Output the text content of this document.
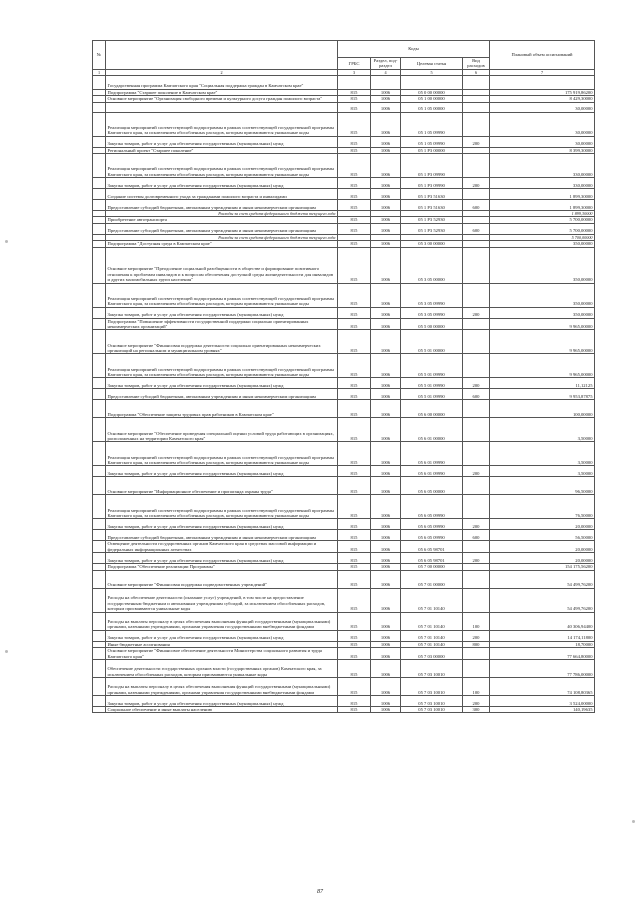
№		Коды				Плановый объем ассигнований
		ГРБС	Раздел, под-раздел	Целевая статья	Вид расходов	
1	2	3	4	5	6	7
	Государственная программа Камчатского края "Социальная поддержка граждан в Камчатском крае"					
	Подпрограмма "Старшее поколение в Камчатском крае"	815	1006	05 0 00 00000		175 919,86200
	Основное мероприятие "Организация свободного времени и культурного досуга граждан пожилого возраста"	815	1006	05 1 00 00000		8 429,30000
		815	1006	05 1 05 00000		30,00000
	Реализация мероприятий соответствующей подпрограммы в рамках соответствующей государственной программы Камчатского края, за исключением обособленных расходов, которым присваиваются уникальные коды	815	1006	05 1 05 09990		30,00000
	Закупка товаров, работ и услуг для обеспечения государственных (муниципальных) нужд	815	1006	05 1 05 09990	200	30,00000
	Региональный проект "Старшее поколение"	815	1006	05 1 P3 00000		8 399,30000
	Реализация мероприятий соответствующей подпрограммы в рамках соответствующей государственной программы Камчатского края, за исключением обособленных расходов, которым присваиваются уникальные коды	815	1006	05 1 P3 09990		330,00000
	Закупка товаров, работ и услуг для обеспечения государственных (муниципальных) нужд	815	1006	05 1 P3 09990	200	330,00000
	Создание системы долговременного ухода за гражданами пожилого возраста и инвалидами	815	1006	05 1 P3 51630		1 899,30000
	Предоставление субсидий бюджетным, автономным учреждениям и иным некоммерческим организациям	815	1006	05 1 P3 51630	600	1 899,30000
	Расходы за счет средств федерального бюджета текущего года					1 899,30000
	Приобретение автотранспорта	815	1006	05 1 P3 52930		5 700,00000
	Предоставление субсидий бюджетным, автономным учреждениям и иным некоммерческим организациям	815	1006	05 1 P3 52930	600	5 700,00000
	Расходы за счет средств федерального бюджета текущего года					5 700,00000
	Подпрограмма "Доступная среда в Камчатском крае"	815	1006	05 3 00 00000		350,00000
	Основное мероприятие "Преодоление социальной разобщенности в обществе и формирование позитивного отношения к проблемам инвалидов и к вопросам обеспечения доступной среды жизнедеятельности для инвалидов и других маломобильных групп населения"	815	1006	05 3 05 00000		350,00000
	Реализация мероприятий соответствующей подпрограммы в рамках соответствующей государственной программы Камчатского края, за исключением обособленных расходов, которым присваиваются уникальные коды	815	1006	05 3 05 09990		350,00000
	Закупка товаров, работ и услуг для обеспечения государственных (муниципальных) нужд	815	1006	05 3 05 09990	200	350,00000
	Подпрограмма "Повышение эффективности государственной поддержки социально ориентированных некоммерческих организаций"	815	1006	05 5 00 00000		9 965,00000
	Основное мероприятие "Финансовая поддержка деятельности социально ориентированных некоммерческих организаций на региональном и муниципальном уровнях"	815	1006	05 5 01 00000		9 965,00000
	Реализация мероприятий соответствующей подпрограммы в рамках соответствующей государственной программы Камчатского края, за исключением обособленных расходов, которым присваиваются уникальные коды	815	1006	05 5 01 09990		9 965,00000
	Закупка товаров, работ и услуг для обеспечения государственных (муниципальных) нужд	815	1006	05 5 01 09990	200	11,12125
	Предоставление субсидий бюджетным, автономным учреждениям и иным некоммерческим организациям	815	1006	05 5 01 09990	600	9 953,87875
	Подпрограмма "Обеспечение защиты трудовых прав работников в Камчатском крае"	815	1006	05 6 00 00000		100,00000
	Основное мероприятие "Обеспечение проведения специальной оценки условий труда работающих в организациях, расположенных на территории Камчатского края"	815	1006	05 6 01 00000		3,50000
	Реализация мероприятий соответствующей подпрограммы в рамках соответствующей государственной программы Камчатского края, за исключением обособленных расходов, которым присваиваются уникальные коды	815	1006	05 6 01 09990		3,50000
	Закупка товаров, работ и услуг для обеспечения государственных (муниципальных) нужд	815	1006	05 6 01 09990	200	3,50000
	Основное мероприятие "Информационное обеспечение и пропаганда охраны труда"	815	1006	05 6 05 00000		96,50000
	Реализация мероприятий соответствующей подпрограммы в рамках соответствующей государственной программы Камчатского края, за исключением обособленных расходов, которым присваиваются уникальные коды	815	1006	05 6 05 09990		76,50000
	Закупка товаров, работ и услуг для обеспечения государственных (муниципальных) нужд	815	1006	05 6 05 09990	200	20,00000
	Предоставление субсидий бюджетным, автономным учреждениям и иным некоммерческим организациям	815	1006	05 6 05 09990	600	56,50000
	Освещение деятельности государственных органов Камчатского края в средствах массовой информации и федеральных информационных агентствах	815	1006	05 6 05 98701		20,00000
	Закупка товаров, работ и услуг для обеспечения государственных (муниципальных) нужд	815	1006	05 6 05 98701	200	20,00000
	Подпрограмма "Обеспечение реализации Программы"	815	1006	05 7 00 00000		154 175,56200
	Основное мероприятие "Финансовая поддержка подведомственных учреждений"	815	1006	05 7 01 00000		54 499,76200
	Расходы на обеспечение деятельности (оказание услуг) учреждений, в том числе на предоставление государственным бюджетным и автономным учреждениям субсидий, за исключением обособленных расходов, которым присваиваются уникальные коды	815	1006	05 7 01 10140		54 499,76200
	Расходы на выплаты персоналу в целях обеспечения выполнения функций государственными (муниципальными) органами, казенными учреждениями, органами управления государственными внебюджетными фондами	815	1006	05 7 01 10140	100	40 306,94400
	Закупка товаров, работ и услуг для обеспечения государственных (муниципальных) нужд	815	1006	05 7 01 10140	200	14 174,11800
	Иные бюджетные ассигнования	815	1006	05 7 01 10140	800	18,70000
	Основное мероприятие "Финансовое обеспечение деятельности Министерства социального развития и труда Камчатского края"	815	1006	05 7 03 00000		77 664,80000
	Обеспечение деятельности государственных органов власти (государственных органов) Камчатского края, за исключением обособленных расходов, которым присваиваются уникальные коды	815	1006	05 7 03 10010		77 786,00000
	Расходы на выплаты персоналу в целях обеспечения выполнения функций государственными (муниципальными) органами, казенными учреждениями, органами управления государственными внебюджетными фондами	815	1006	05 7 03 10010	100	74 108,80365
	Закупка товаров, работ и услуг для обеспечения государственных (муниципальных) нужд	815	1006	05 7 03 10010	200	3 524,00000
	Социальное обеспечение и иные выплаты населению	815	1006	05 7 03 10010	300	140,19635
87
